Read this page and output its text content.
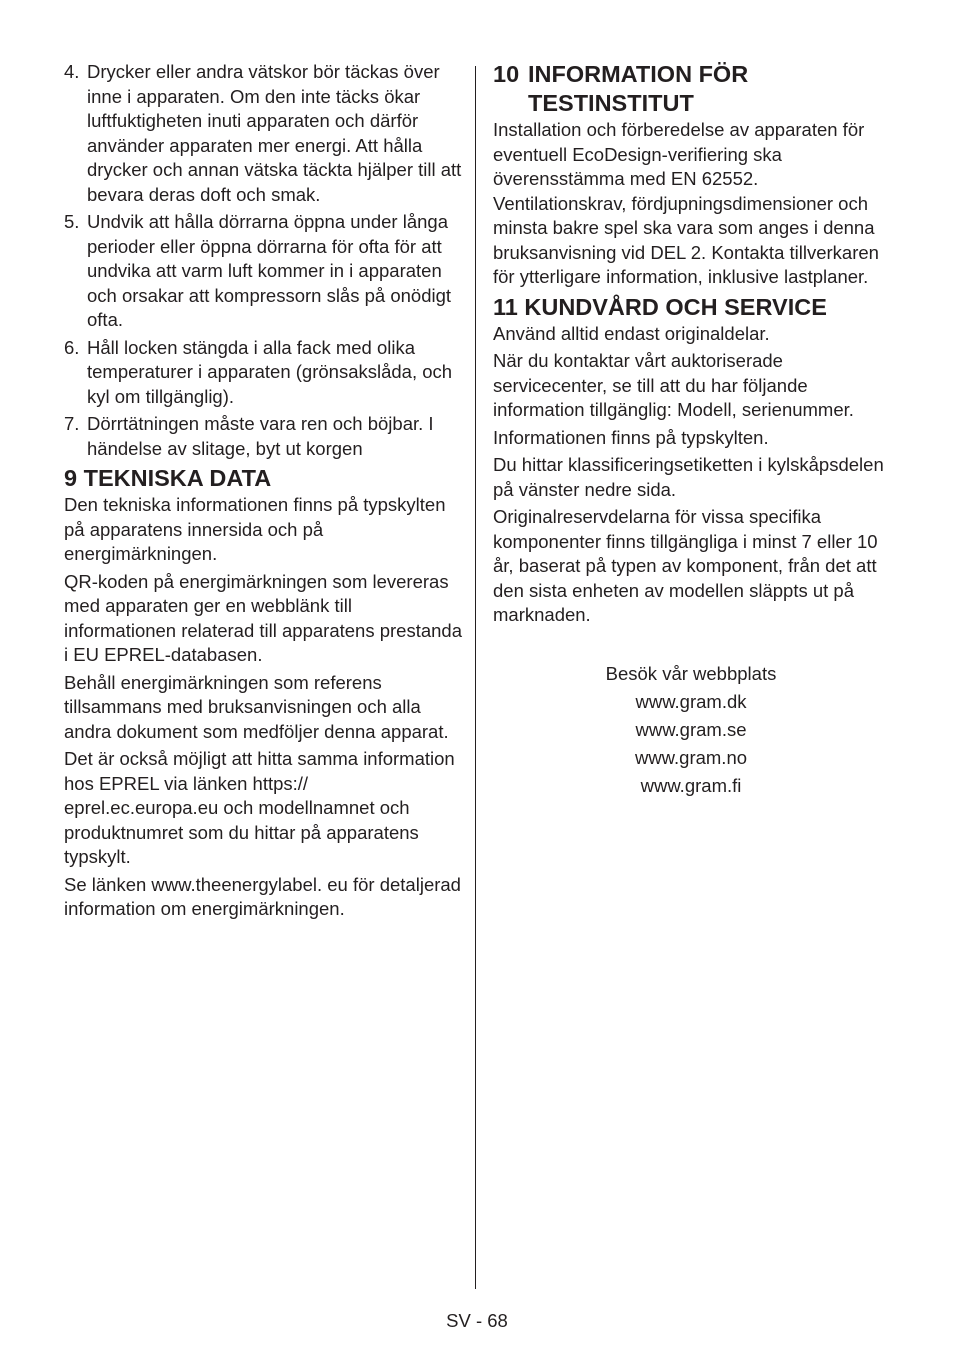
4. Drycker eller andra vätskor bör täckas över inne i apparaten. Om den inte täcks ökar luftfuktigheten inuti apparaten och därför använder apparaten mer energi. Att hålla drycker och annan vätska täckta hjälper till att bevara deras doft och smak.
5. Undvik att hålla dörrarna öppna under långa perioder eller öppna dörrarna för ofta för att undvika att varm luft kommer in i apparaten och orsakar att kompressorn slås på onödigt ofta.
6. Håll locken stängda i alla fack med olika temperaturer i apparaten (grönsakslåda, och kyl om tillgänglig).
7. Dörrtätningen måste vara ren och böjbar. I händelse av slitage, byt ut korgen
9 TEKNISKA DATA

Den tekniska informationen finns på typskylten på apparatens innersida och på energimärkningen.

QR-koden på energimärkningen som levereras med apparaten ger en webblänk till informationen relaterad till apparatens prestanda i EU EPREL-databasen.

Behåll energimärkningen som referens tillsammans med bruksanvisningen och alla andra dokument som medföljer denna apparat.

Det är också möjligt att hitta samma information hos EPREL via länken https:// eprel.ec.europa.eu och modellnamnet och produktnumret som du hittar på apparatens typskylt.

Se länken www.theenergylabel. eu för detaljerad information om energimärkningen.

10 INFORMATION FÖR TESTINSTITUT

Installation och förberedelse av apparaten för eventuell EcoDesign-verifiering ska överensstämma med EN 62552. Ventilationskrav, fördjupningsdimensioner och minsta bakre spel ska vara som anges i denna bruksanvisning vid DEL 2. Kontakta tillverkaren för ytterligare information, inklusive lastplaner.

11 KUNDVÅRD OCH SERVICE

Använd alltid endast originaldelar.

När du kontaktar vårt auktoriserade servicecenter, se till att du har följande information tillgänglig: Modell, serienummer.

Informationen finns på typskylten.

Du hittar klassificeringsetiketten i kylskåpsdelen på vänster nedre sida.

Originalreservdelarna för vissa specifika komponenter finns tillgängliga i minst 7 eller 10 år, baserat på typen av komponent, från det att den sista enheten av modellen släppts ut på marknaden.

Besök vår webbplats
www.gram.dk
www.gram.se
www.gram.no
www.gram.fi
SV - 68
